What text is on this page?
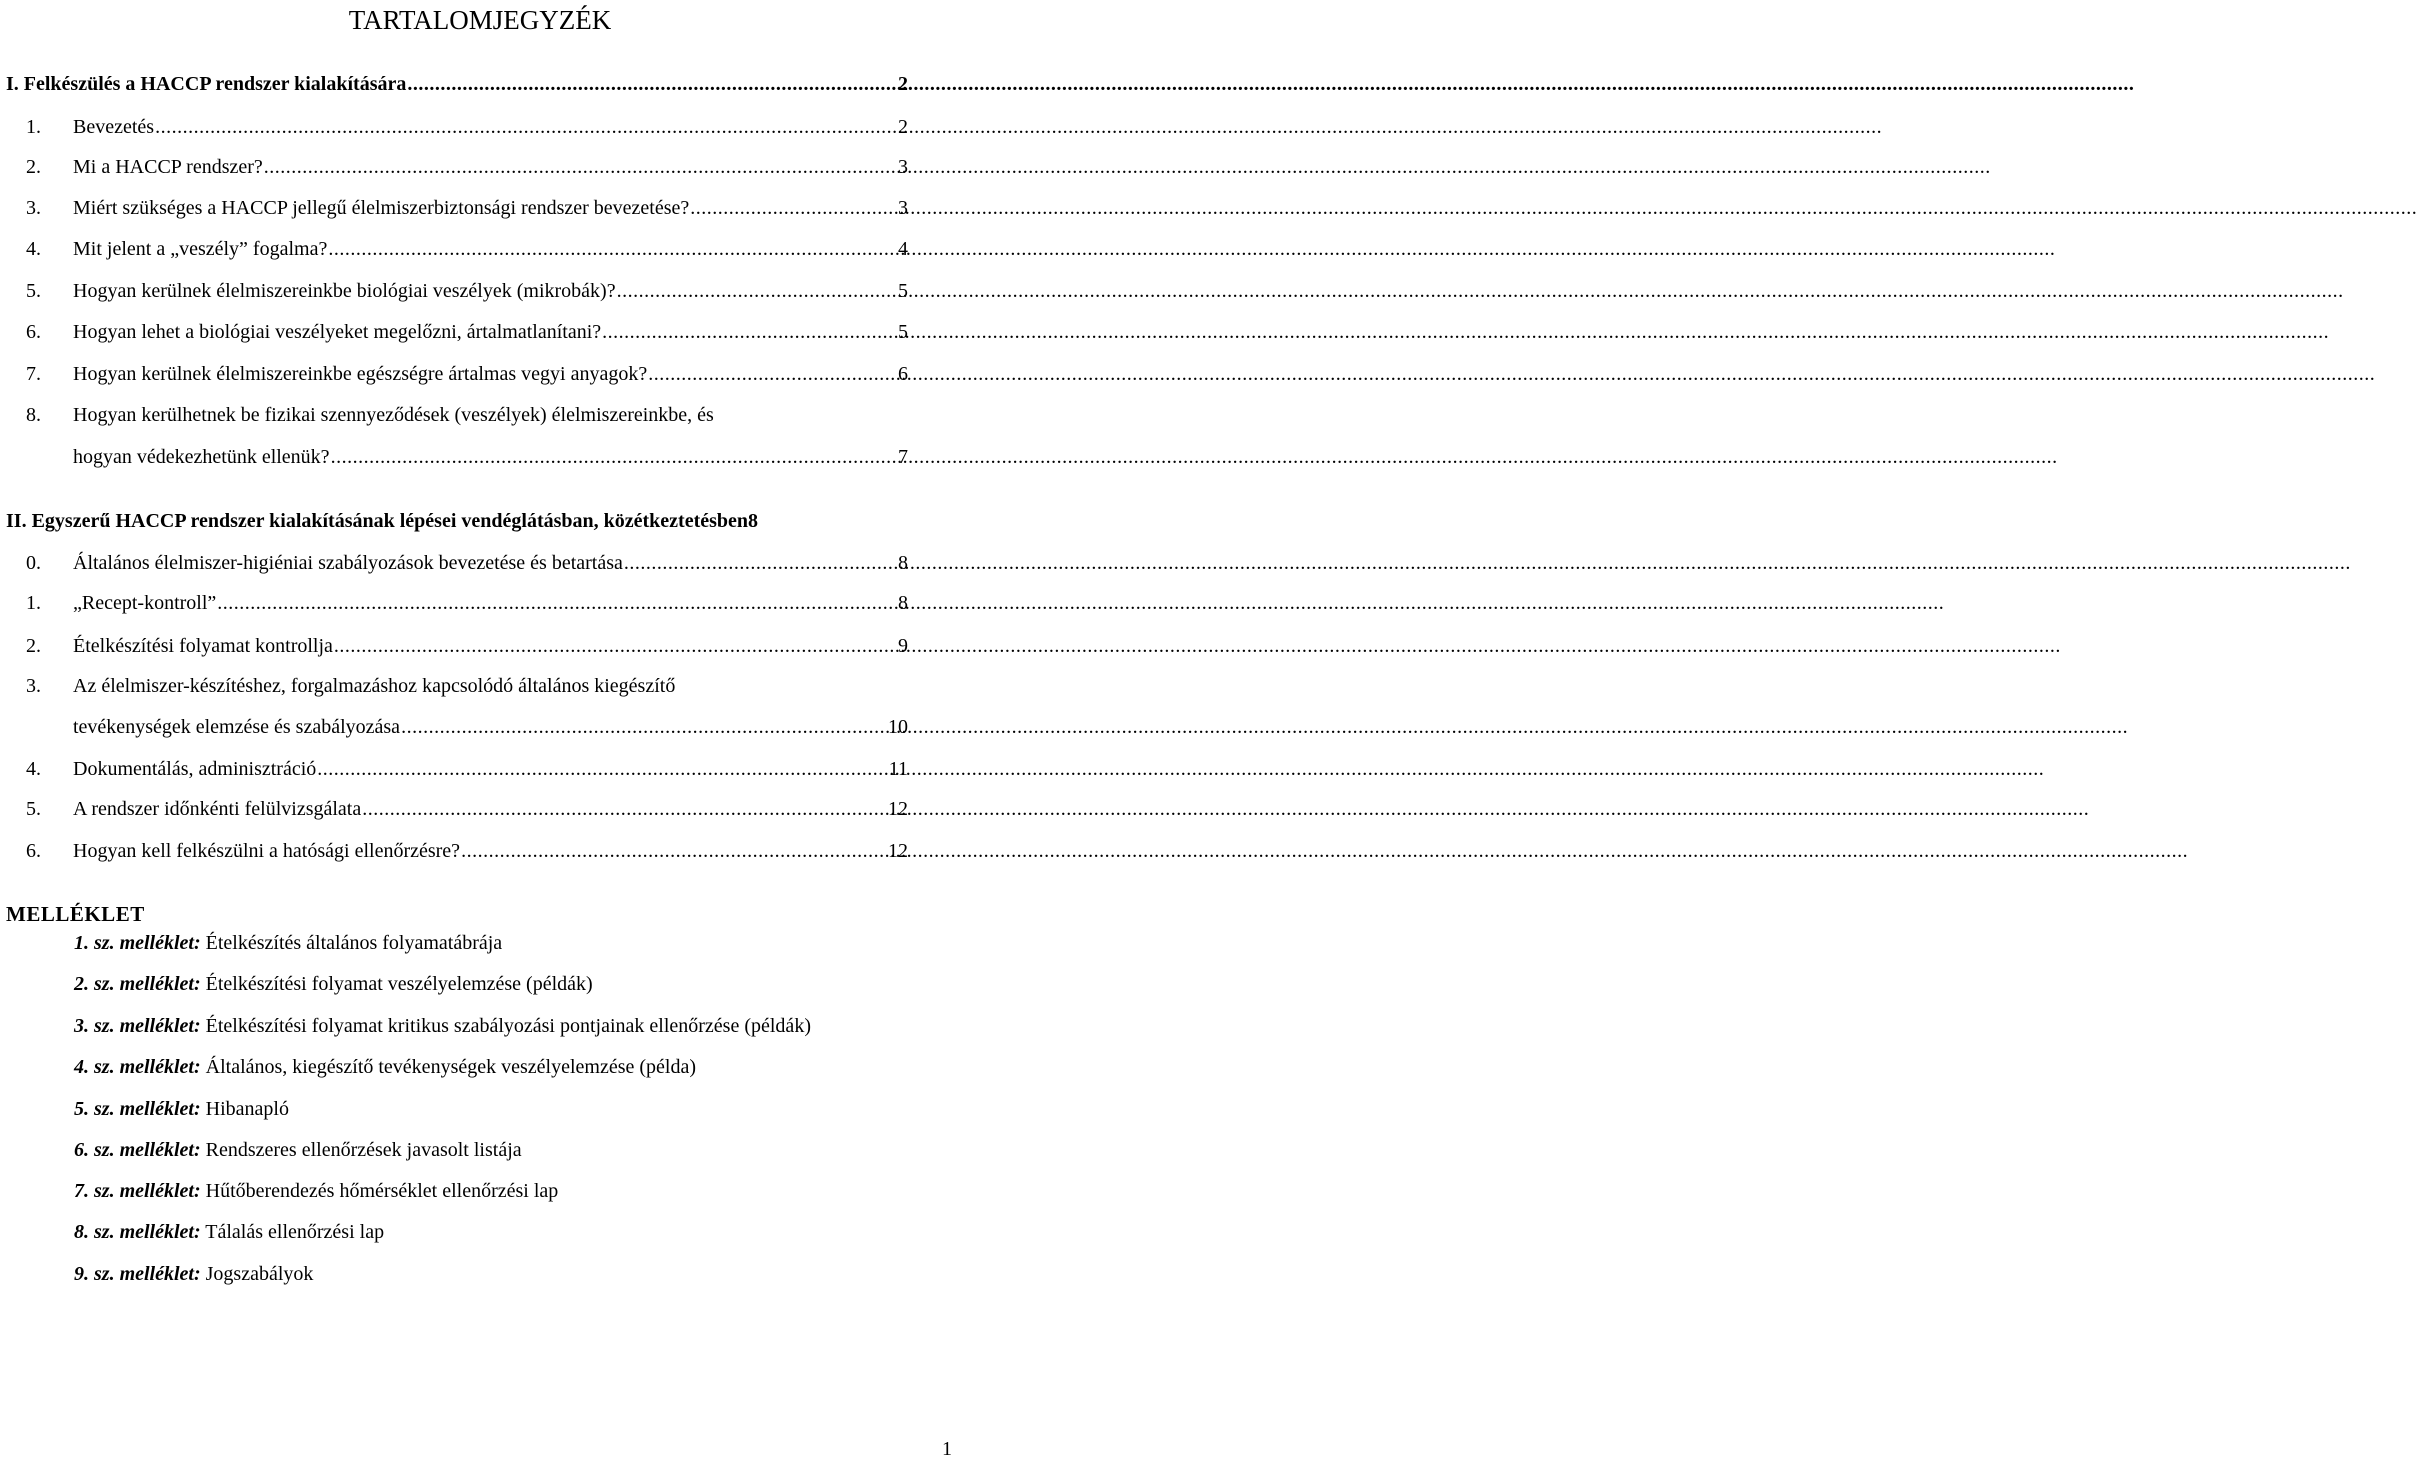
TARTALOMJEGYZÉK
I. Felkészülés a HACCP rendszer kialakítására .....	2
1.	Bevezetés .....	2
2.	Mi a HACCP rendszer? .....	3
3.	Miért szükséges a HACCP jellegű élelmiszerbiztonsági rendszer bevezetése? .....	3
4.	Mit jelent a „veszély” fogalma? .....	4
5.	Hogyan kerülnek élelmiszereinkbe biológiai veszélyek (mikrobák)? .....	5
6.	Hogyan lehet a biológiai veszélyeket megelőzni, ártalmatlanítani? .....	5
7.	Hogyan kerülnek élelmiszereinkbe egészségre ártalmas vegyi anyagok? .....	6
8. Hogyan kerülhetnek be fizikai szennyeződések (veszélyek) élelmiszereinkbe, és
hogyan védekezhetünk ellenük? .....	7
II. Egyszerű HACCP rendszer kialakításának lépései vendéglátásban, közétkeztetésben 8
0.	Általános élelmiszer-higiéniai szabályozások bevezetése és betartása .....	8
1.	„Recept-kontroll” .....	8
2.	Ételkészítési folyamat kontrollja .....	9
3. Az élelmiszer-készítéshez, forgalmazáshoz kapcsolódó általános kiegészítő
tevékenységek elemzése és szabályozása .....	10
4.	Dokumentálás, adminisztráció .....	11
5.	A rendszer időnkénti felülvizsgálata .....	12
6.	Hogyan kell felkészülni a hatósági ellenőrzésre? .....	12
MELLÉKLET
1. sz. melléklet: Ételkészítés általános folyamatábrája
2. sz. melléklet: Ételkészítési folyamat veszélyelemzése (példák)
3. sz. melléklet: Ételkészítési folyamat kritikus szabályozási pontjainak ellenőrzése (példák)
4. sz. melléklet: Általános, kiegészítő tevékenységek veszélyelemzése (példa)
5. sz. melléklet: Hibanapló
6. sz. melléklet: Rendszeres ellenőrzések javasolt listája
7. sz. melléklet: Hűtőberendezés hőmérséklet ellenőrzési lap
8. sz. melléklet: Tálalás ellenőrzési lap
9. sz. melléklet: Jogszabályok
1
